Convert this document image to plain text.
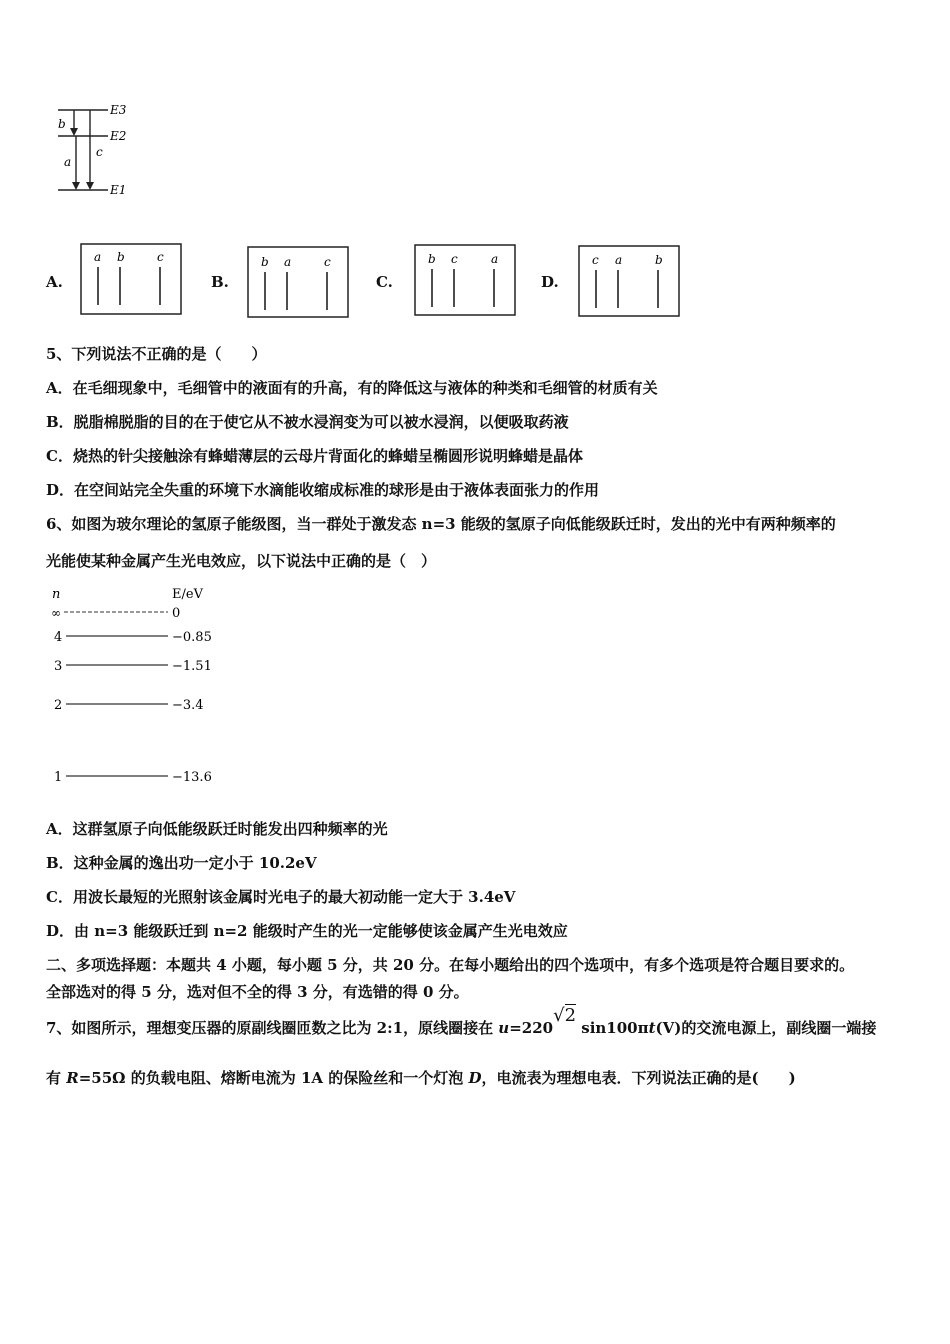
b
a
c
E3
E2
E1
A.
a b	c
B.
b a	c
C.
b c	a
D.
c a	b
5、下列说法不正确的是（　　）
A．在毛细现象中，毛细管中的液面有的升高，有的降低这与液体的种类和毛细管的材质有关
B．脱脂棉脱脂的目的在于使它从不被水浸润变为可以被水浸润，以便吸取药液
C．烧热的针尖接触涂有蜂蜡薄层的云母片背面化的蜂蜡呈椭圆形说明蜂蜡是晶体
D．在空间站完全失重的环境下水滴能收缩成标准的球形是由于液体表面张力的作用
6、如图为玻尔理论的氢原子能级图，当一群处于激发态 n=3 能级的氢原子向低能级跃迁时，发出的光中有两种频率的
光能使某种金属产生光电效应，以下说法中正确的是（　）
n	E/eV
∞	0
4	−0.85
3	−1.51
2	−3.4
1	−13.6
A．这群氢原子向低能级跃迁时能发出四种频率的光
B．这种金属的逸出功一定小于 10.2eV
C．用波长最短的光照射该金属时光电子的最大初动能一定大于 3.4eV
D．由 n=3 能级跃迁到 n=2 能级时产生的光一定能够使该金属产生光电效应
二、多项选择题：本题共 4 小题，每小题 5 分，共 20 分。在每小题给出的四个选项中，有多个选项是符合题目要求的。
全部选对的得 5 分，选对但不全的得 3 分，有选错的得 0 分。
7、如图所示，理想变压器的原副线圈匝数之比为 2:1，原线圈接在 u=220√2 sin100πt(V)的交流电源上，副线圈一端接
有 R=55Ω 的负载电阻、熔断电流为 1A 的保险丝和一个灯泡 D，电流表为理想电表．下列说法正确的是(　　)
